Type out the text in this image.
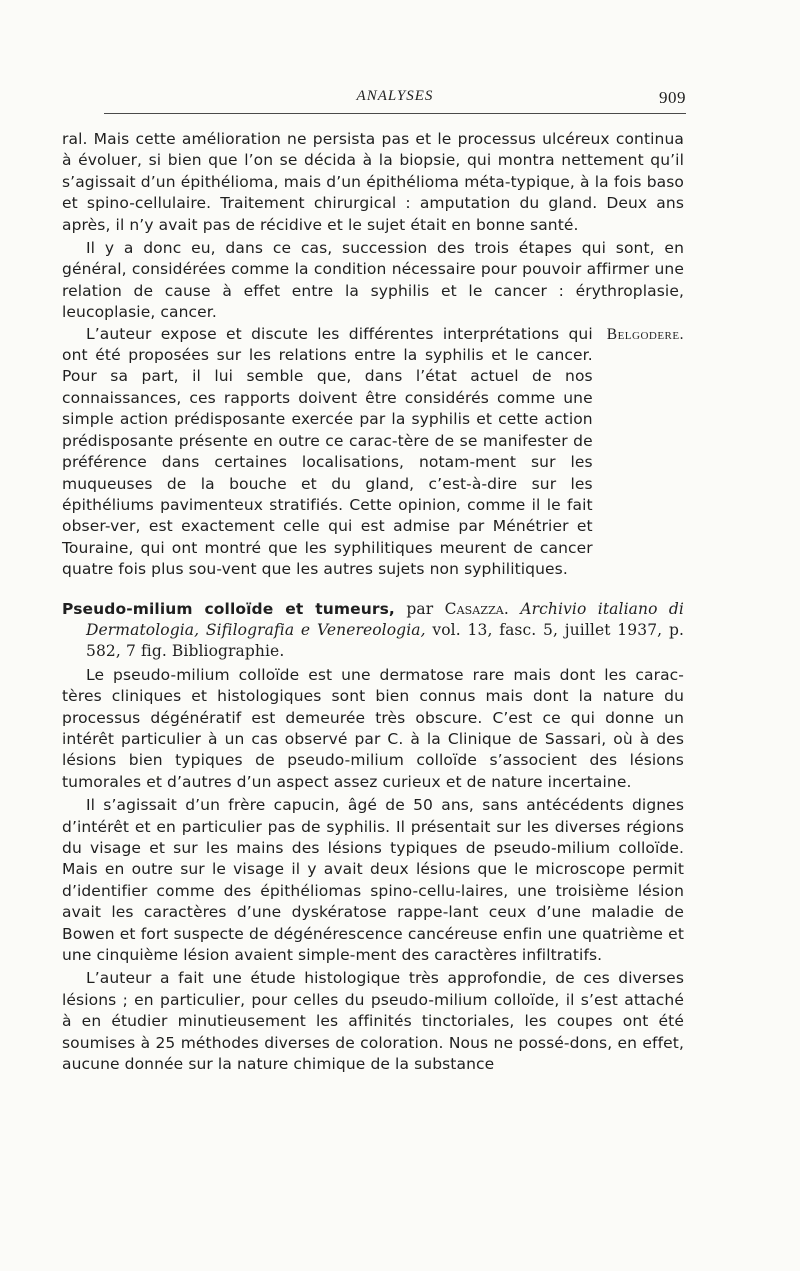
ANALYSES	909

ral. Mais cette amélioration ne persista pas et le processus ulcéreux continua à évoluer, si bien que l’on se décida à la biopsie, qui montra nettement qu’il s’agissait d’un épithélioma, mais d’un épithélioma méta-typique, à la fois baso et spino-cellulaire. Traitement chirurgical : amputation du gland. Deux ans après, il n’y avait pas de récidive et le sujet était en bonne santé.

Il y a donc eu, dans ce cas, succession des trois étapes qui sont, en général, considérées comme la condition nécessaire pour pouvoir affirmer une relation de cause à effet entre la syphilis et le cancer : érythroplasie, leucoplasie, cancer.

L’auteur expose et discute les différentes interprétations qui ont été proposées sur les relations entre la syphilis et le cancer. Pour sa part, il lui semble que, dans l’état actuel de nos connaissances, ces rapports doivent être considérés comme une simple action prédisposante exercée par la syphilis et cette action prédisposante présente en outre ce carac-tère de se manifester de préférence dans certaines localisations, notam-ment sur les muqueuses de la bouche et du gland, c’est-à-dire sur les épithéliums pavimenteux stratifiés. Cette opinion, comme il le fait obser-ver, est exactement celle qui est admise par Ménétrier et Touraine, qui ont montré que les syphilitiques meurent de cancer quatre fois plus sou-vent que les autres sujets non syphilitiques.

Belgodere.

Pseudo-milium colloïde et tumeurs, par Casazza. Archivio italiano di Dermatologia, Sifilografia e Venereologia, vol. 13, fasc. 5, juillet 1937, p. 582, 7 fig. Bibliographie.

Le pseudo-milium colloïde est une dermatose rare mais dont les carac-tères cliniques et histologiques sont bien connus mais dont la nature du processus dégénératif est demeurée très obscure. C’est ce qui donne un intérêt particulier à un cas observé par C. à la Clinique de Sassari, où à des lésions bien typiques de pseudo-milium colloïde s’associent des lésions tumorales et d’autres d’un aspect assez curieux et de nature incertaine.

Il s’agissait d’un frère capucin, âgé de 50 ans, sans antécédents dignes d’intérêt et en particulier pas de syphilis. Il présentait sur les diverses régions du visage et sur les mains des lésions typiques de pseudo-milium colloïde. Mais en outre sur le visage il y avait deux lésions que le microscope permit d’identifier comme des épithéliomas spino-cellu-laires, une troisième lésion avait les caractères d’une dyskératose rappe-lant ceux d’une maladie de Bowen et fort suspecte de dégénérescence cancéreuse enfin une quatrième et une cinquième lésion avaient simple-ment des caractères infiltratifs.

L’auteur a fait une étude histologique très approfondie, de ces diverses lésions ; en particulier, pour celles du pseudo-milium colloïde, il s’est attaché à en étudier minutieusement les affinités tinctoriales, les coupes ont été soumises à 25 méthodes diverses de coloration. Nous ne possé-dons, en effet, aucune donnée sur la nature chimique de la substance
